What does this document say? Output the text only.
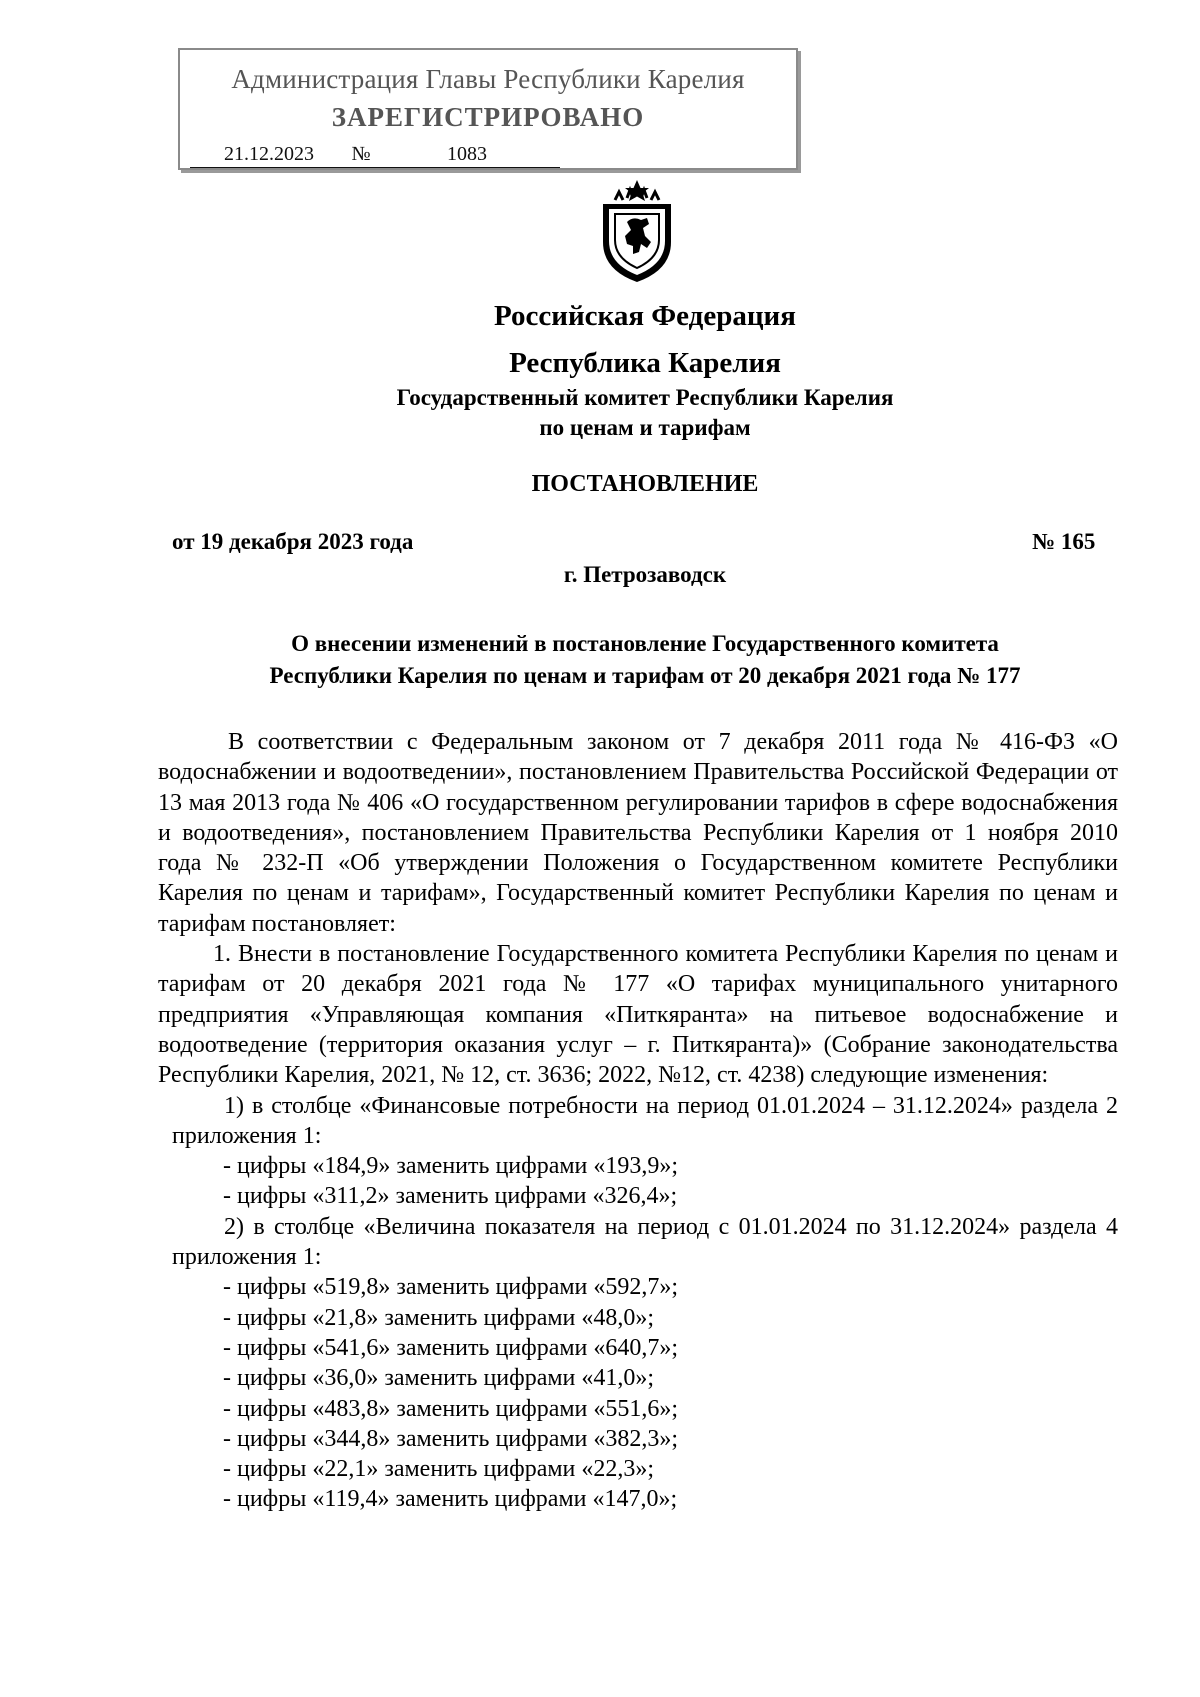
Администрация Главы Республики Карелия
ЗАРЕГИСТРИРОВАНО
21.12.2023 №	1083
Российская Федерация
Республика Карелия
Государственный комитет Республики Карелия
по ценам и тарифам
ПОСТАНОВЛЕНИЕ
от 19 декабря 2023 года	№ 165
г. Петрозаводск
О внесении изменений в постановление Государственного комитета
Республики Карелия по ценам и тарифам от 20 декабря 2021 года № 177

В соответствии с Федеральным законом от 7 декабря 2011 года № 416-ФЗ «О водоснабжении и водоотведении», постановлением Правительства Российской Федерации от 13 мая 2013 года № 406 «О государственном регулировании тарифов в сфере водоснабжения и водоотведения», постановлением Правительства Республики Карелия от 1 ноября 2010 года № 232-П «Об утверждении Положения о Государственном комитете Республики Карелия по ценам и тарифам», Государственный комитет Республики Карелия по ценам и тарифам постановляет:

1. Внести в постановление Государственного комитета Республики Карелия по ценам и тарифам от 20 декабря 2021 года № 177 «О тарифах муниципального унитарного предприятия «Управляющая компания «Питкяранта» на питьевое водоснабжение и водоотведение (территория оказания услуг – г. Питкяранта)» (Собрание законодательства Республики Карелия, 2021, № 12, ст. 3636; 2022, №12, ст. 4238) следующие изменения:

1) в столбце «Финансовые потребности на период 01.01.2024 – 31.12.2024» раздела 2 приложения 1:

- цифры «184,9» заменить цифрами «193,9»;
- цифры «311,2» заменить цифрами «326,4»;

2) в столбце «Величина показателя на период с 01.01.2024 по 31.12.2024» раздела 4 приложения 1:

- цифры «519,8» заменить цифрами «592,7»;
- цифры «21,8» заменить цифрами «48,0»;
- цифры «541,6» заменить цифрами «640,7»;
- цифры «36,0» заменить цифрами «41,0»;
- цифры «483,8» заменить цифрами «551,6»;
- цифры «344,8» заменить цифрами «382,3»;
- цифры «22,1» заменить цифрами «22,3»;
- цифры «119,4» заменить цифрами «147,0»;
